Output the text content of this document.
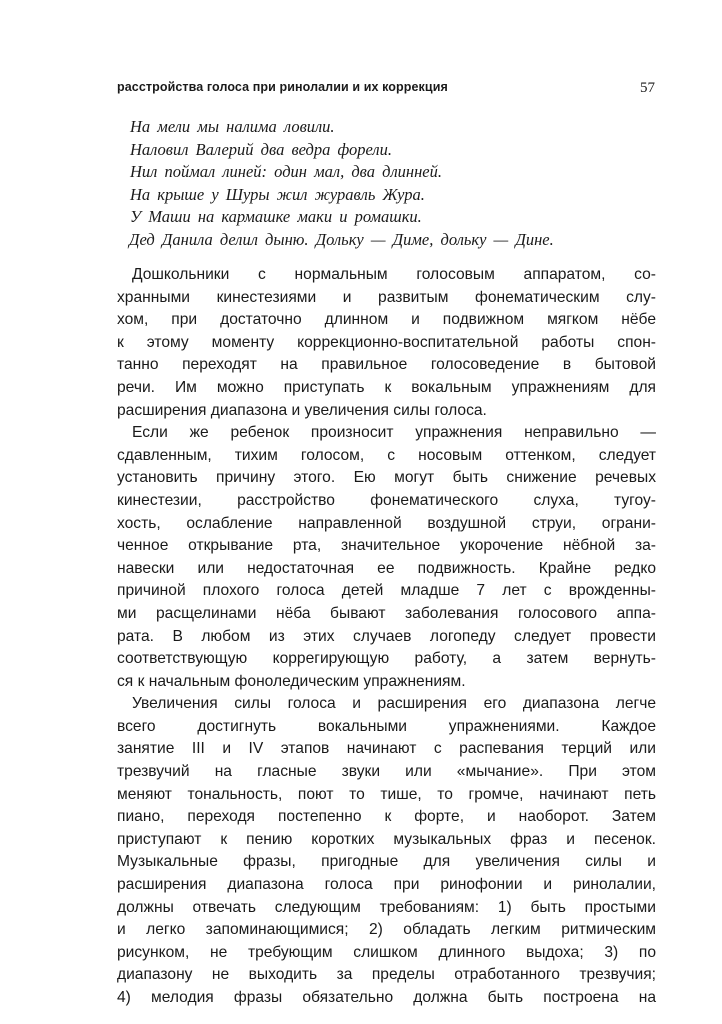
расстройства голоса при ринолалии и их коррекция	57
На мели мы налима ловили.
Наловил Валерий два ведра форели.
Нил поймал линей: один мал, два длинней.
На крыше у Шуры жил журавль Жура.
У Маши на кармашке маки и ромашки.
Дед Данила делил дыню. Дольку — Диме, дольку — Дине.
Дошкольники с нормальным голосовым аппаратом, со-
хранными кинестезиями и развитым фонематическим слу-
хом, при достаточно длинном и подвижном мягком нёбе
к этому моменту коррекционно-воспитательной работы спон-
танно переходят на правильное голосоведение в бытовой
речи. Им можно приступать к вокальным упражнениям для
расширения диапазона и увеличения силы голоса.
Если же ребенок произносит упражнения неправильно —
сдавленным, тихим голосом, с носовым оттенком, следует
установить причину этого. Ею могут быть снижение речевых
кинестезии, расстройство фонематического слуха, тугоу-
хость, ослабление направленной воздушной струи, ограни-
ченное открывание рта, значительное укорочение нёбной за-
навески или недостаточная ее подвижность. Крайне редко
причиной плохого голоса детей младше 7 лет с врожденны-
ми расщелинами нёба бывают заболевания голосового аппа-
рата. В любом из этих случаев логопеду следует провести
соответствующую коррегирующую работу, а затем вернуть-
ся к начальным фоноледическим упражнениям.
Увеличения силы голоса и расширения его диапазона легче
всего достигнуть вокальными упражнениями. Каждое
занятие III и IV этапов начинают с распевания терций или
трезвучий на гласные звуки или «мычание». При этом
меняют тональность, поют то тише, то громче, начинают петь
пиано, переходя постепенно к форте, и наоборот. Затем
приступают к пению коротких музыкальных фраз и песенок.
Музыкальные фразы, пригодные для увеличения силы и
расширения диапазона голоса при ринофонии и ринолалии,
должны отвечать следующим требованиям: 1) быть простыми
и легко запоминающимися; 2) обладать легким ритмическим
рисунком, не требующим слишком длинного выдоха; 3) по
диапазону не выходить за пределы отработанного трезвучия;
4) мелодия фразы обязательно должна быть построена на
